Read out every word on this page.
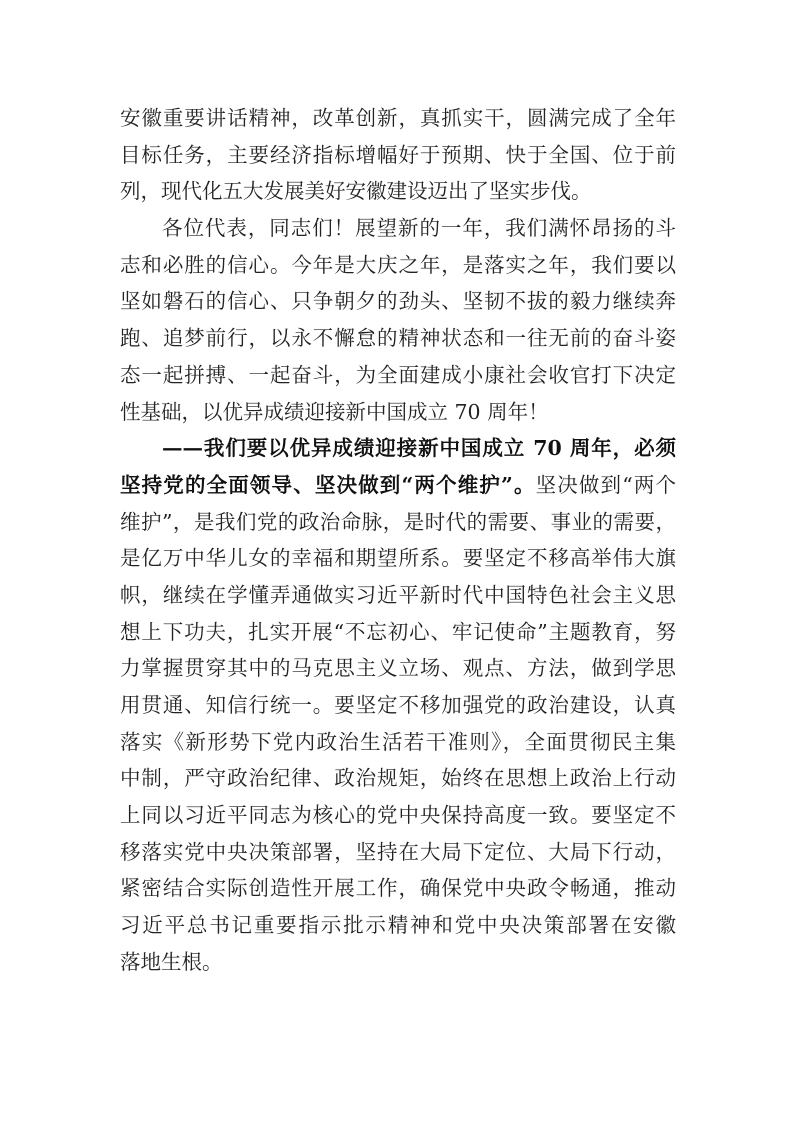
安徽重要讲话精神，改革创新，真抓实干，圆满完成了全年
目标任务，主要经济指标增幅好于预期、快于全国、位于前
列，现代化五大发展美好安徽建设迈出了坚实步伐。
各位代表，同志们！展望新的一年，我们满怀昂扬的斗
志和必胜的信心。今年是大庆之年，是落实之年，我们要以
坚如磐石的信心、只争朝夕的劲头、坚韧不拔的毅力继续奔
跑、追梦前行，以永不懈怠的精神状态和一往无前的奋斗姿
态一起拼搏、一起奋斗，为全面建成小康社会收官打下决定
性基础，以优异成绩迎接新中国成立 70 周年！
——我们要以优异成绩迎接新中国成立 70 周年，必须
坚持党的全面领导、坚决做到“两个维护”。坚决做到“两个
维护”，是我们党的政治命脉，是时代的需要、事业的需要，
是亿万中华儿女的幸福和期望所系。要坚定不移高举伟大旗
帜，继续在学懂弄通做实习近平新时代中国特色社会主义思
想上下功夫，扎实开展“不忘初心、牢记使命”主题教育，努
力掌握贯穿其中的马克思主义立场、观点、方法，做到学思
用贯通、知信行统一。要坚定不移加强党的政治建设，认真
落实《新形势下党内政治生活若干准则》，全面贯彻民主集
中制，严守政治纪律、政治规矩，始终在思想上政治上行动
上同以习近平同志为核心的党中央保持高度一致。要坚定不
移落实党中央决策部署，坚持在大局下定位、大局下行动，
紧密结合实际创造性开展工作，确保党中央政令畅通，推动
习近平总书记重要指示批示精神和党中央决策部署在安徽
落地生根。
